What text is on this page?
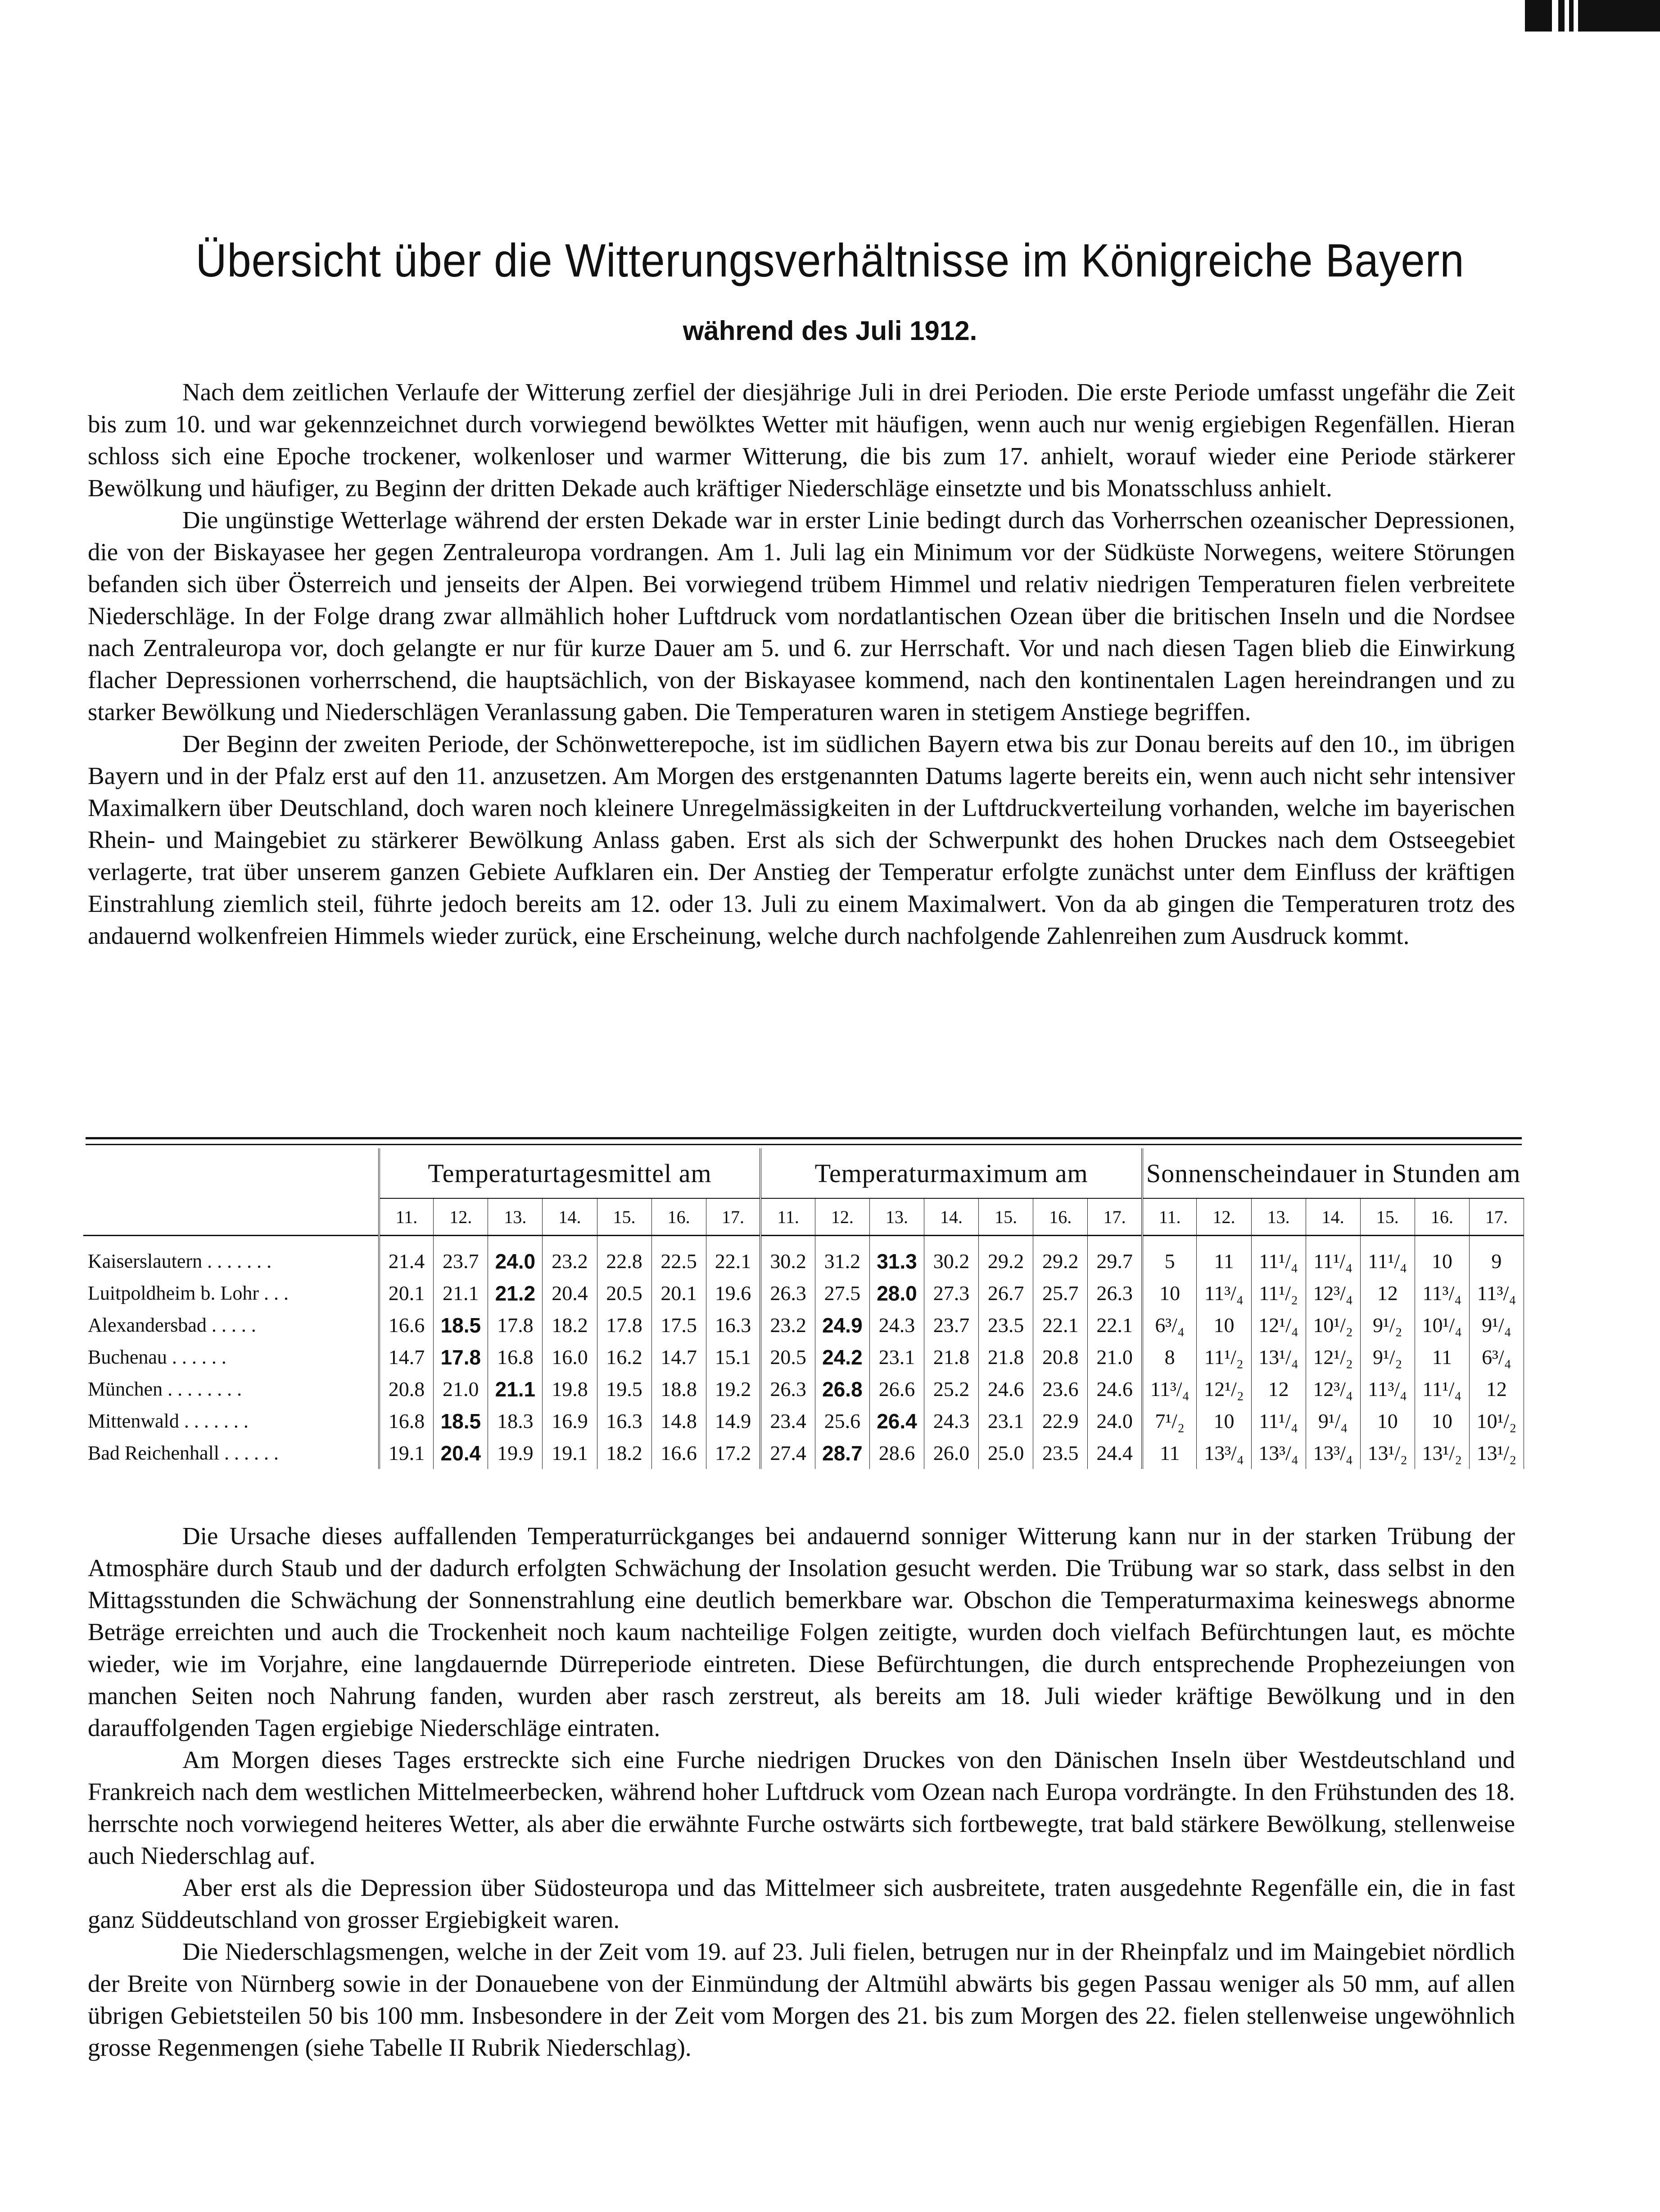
Übersicht über die Witterungsverhältnisse im Königreiche Bayern
während des Juli 1912.

Nach dem zeitlichen Verlaufe der Witterung zerfiel der diesjährige Juli in drei Perioden. Die erste Periode umfasst ungefähr die Zeit bis zum 10. und war gekennzeichnet durch vorwiegend bewölktes Wetter mit häufigen, wenn auch nur wenig ergiebigen Regenfällen. Hieran schloss sich eine Epoche trockener, wolkenloser und warmer Witterung, die bis zum 17. anhielt, worauf wieder eine Periode stärkerer Bewölkung und häufiger, zu Beginn der dritten Dekade auch kräftiger Niederschläge einsetzte und bis Monatsschluss anhielt.

Die ungünstige Wetterlage während der ersten Dekade war in erster Linie bedingt durch das Vorherrschen ozeanischer Depressionen, die von der Biskayasee her gegen Zentraleuropa vordrangen. Am 1. Juli lag ein Minimum vor der Südküste Norwegens, weitere Störungen befanden sich über Österreich und jenseits der Alpen. Bei vorwiegend trübem Himmel und relativ niedrigen Temperaturen fielen verbreitete Niederschläge. In der Folge drang zwar allmählich hoher Luftdruck vom nordatlantischen Ozean über die britischen Inseln und die Nordsee nach Zentraleuropa vor, doch gelangte er nur für kurze Dauer am 5. und 6. zur Herrschaft. Vor und nach diesen Tagen blieb die Einwirkung flacher Depressionen vorherrschend, die hauptsächlich, von der Biskayasee kommend, nach den kontinentalen Lagen hereindrangen und zu starker Bewölkung und Niederschlägen Veranlassung gaben. Die Temperaturen waren in stetigem Anstiege begriffen.

Der Beginn der zweiten Periode, der Schönwetterepoche, ist im südlichen Bayern etwa bis zur Donau bereits auf den 10., im übrigen Bayern und in der Pfalz erst auf den 11. anzusetzen. Am Morgen des erstgenannten Datums lagerte bereits ein, wenn auch nicht sehr intensiver Maximalkern über Deutschland, doch waren noch kleinere Unregelmässigkeiten in der Luftdruckverteilung vorhanden, welche im bayerischen Rhein- und Maingebiet zu stärkerer Bewölkung Anlass gaben. Erst als sich der Schwerpunkt des hohen Druckes nach dem Ostseegebiet verlagerte, trat über unserem ganzen Gebiete Aufklaren ein. Der Anstieg der Temperatur erfolgte zunächst unter dem Einfluss der kräftigen Einstrahlung ziemlich steil, führte jedoch bereits am 12. oder 13. Juli zu einem Maximalwert. Von da ab gingen die Temperaturen trotz des andauernd wolkenfreien Himmels wieder zurück, eine Erscheinung, welche durch nachfolgende Zahlenreihen zum Ausdruck kommt.

	Temperaturtagesmittel am							Temperaturmaximum am							Sonnenscheindauer in Stunden am						
	11.	12.	13.	14.	15.	16.	17.	11.	12.	13.	14.	15.	16.	17.	11.	12.	13.	14.	15.	16.	17.
Kaiserslautern . . . . . . .	21.4	23.7	24.0	23.2	22.8	22.5	22.1	30.2	31.2	31.3	30.2	29.2	29.2	29.7	5	11	11¹/₄	11¹/₄	11¹/₄	10	9
Luitpoldheim b. Lohr . . .	20.1	21.1	21.2	20.4	20.5	20.1	19.6	26.3	27.5	28.0	27.3	26.7	25.7	26.3	10	11³/₄	11¹/₂	12³/₄	12	11³/₄	11³/₄
Alexandersbad . . . . .	16.6	18.5	17.8	18.2	17.8	17.5	16.3	23.2	24.9	24.3	23.7	23.5	22.1	22.1	6³/₄	10	12¹/₄	10¹/₂	9¹/₂	10¹/₄	9¹/₄
Buchenau . . . . . .	14.7	17.8	16.8	16.0	16.2	14.7	15.1	20.5	24.2	23.1	21.8	21.8	20.8	21.0	8	11¹/₂	13¹/₄	12¹/₂	9¹/₂	11	6³/₄
München . . . . . . . .	20.8	21.0	21.1	19.8	19.5	18.8	19.2	26.3	26.8	26.6	25.2	24.6	23.6	24.6	11³/₄	12¹/₂	12	12³/₄	11³/₄	11¹/₄	12
Mittenwald . . . . . . .	16.8	18.5	18.3	16.9	16.3	14.8	14.9	23.4	25.6	26.4	24.3	23.1	22.9	24.0	7¹/₂	10	11¹/₄	9¹/₄	10	10	10¹/₂
Bad Reichenhall . . . . . .	19.1	20.4	19.9	19.1	18.2	16.6	17.2	27.4	28.7	28.6	26.0	25.0	23.5	24.4	11	13³/₄	13³/₄	13³/₄	13¹/₂	13¹/₂	13¹/₂

Die Ursache dieses auffallenden Temperaturrückganges bei andauernd sonniger Witterung kann nur in der starken Trübung der Atmosphäre durch Staub und der dadurch erfolgten Schwächung der Insolation gesucht werden. Die Trübung war so stark, dass selbst in den Mittagsstunden die Schwächung der Sonnenstrahlung eine deutlich bemerkbare war. Obschon die Temperaturmaxima keineswegs abnorme Beträge erreichten und auch die Trockenheit noch kaum nachteilige Folgen zeitigte, wurden doch vielfach Befürchtungen laut, es möchte wieder, wie im Vorjahre, eine langdauernde Dürreperiode eintreten. Diese Befürchtungen, die durch entsprechende Prophezeiungen von manchen Seiten noch Nahrung fanden, wurden aber rasch zerstreut, als bereits am 18. Juli wieder kräftige Bewölkung und in den darauffolgenden Tagen ergiebige Niederschläge eintraten.

Am Morgen dieses Tages erstreckte sich eine Furche niedrigen Druckes von den Dänischen Inseln über Westdeutschland und Frankreich nach dem westlichen Mittelmeerbecken, während hoher Luftdruck vom Ozean nach Europa vordrängte. In den Frühstunden des 18. herrschte noch vorwiegend heiteres Wetter, als aber die erwähnte Furche ostwärts sich fortbewegte, trat bald stärkere Bewölkung, stellenweise auch Niederschlag auf.

Aber erst als die Depression über Südosteuropa und das Mittelmeer sich ausbreitete, traten ausgedehnte Regenfälle ein, die in fast ganz Süddeutschland von grosser Ergiebigkeit waren.

Die Niederschlagsmengen, welche in der Zeit vom 19. auf 23. Juli fielen, betrugen nur in der Rheinpfalz und im Maingebiet nördlich der Breite von Nürnberg sowie in der Donauebene von der Einmündung der Altmühl abwärts bis gegen Passau weniger als 50 mm, auf allen übrigen Gebietsteilen 50 bis 100 mm. Insbesondere in der Zeit vom Morgen des 21. bis zum Morgen des 22. fielen stellenweise ungewöhnlich grosse Regenmengen (siehe Tabelle II Rubrik Niederschlag).
